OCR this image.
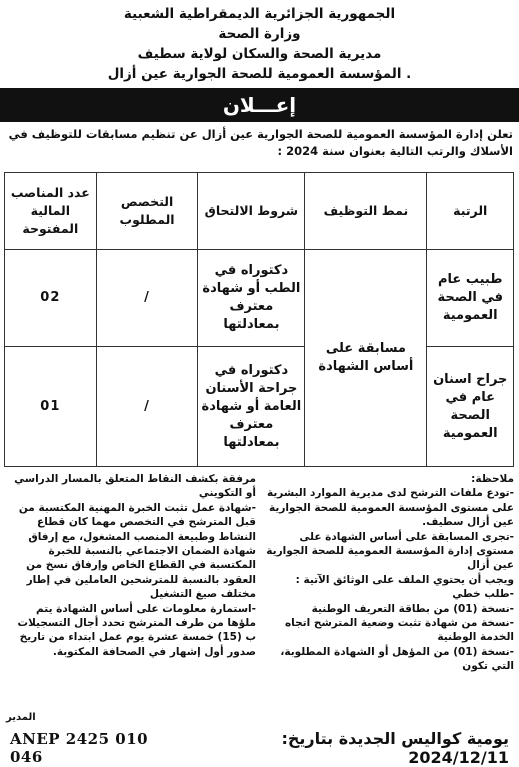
الجمهورية الجزائرية الديمقراطية الشعبية
وزارة الصحة
مديرية الصحة والسكان لولاية سطيف
المؤسسة العمومية للصحة الجوارية عين أزال .
إعـــلان
تعلن إدارة المؤسسة العمومية للصحة الجوارية عين أزال عن تنظيم مسابقات للتوظيف في الأسلاك والرتب التالية بعنوان سنة 2024 :
الرتبة	نمط التوظيف	شروط الالتحاق	التخصص المطلوب	عدد المناصب المالية المفتوحة
طبيب عام في الصحة العمومية	مسابقة على أساس الشهادة	دكتوراه في الطب أو شهادة معترف بمعادلتها	/	02
جراح اسنان عام في الصحة العمومية		دكتوراه في جراحة الأسنان العامة أو شهادة معترف بمعادلتها	/	01
ملاحظة:
-تودع ملفات الترشح لدى مديرية الموارد البشرية على مستوى المؤسسة العمومية للصحة الجوارية عين أزال سطيف.
-تجرى المسابقة على أساس الشهادة على مستوى إدارة المؤسسة العمومية للصحة الجوارية عين أزال
ويجب أن يحتوي الملف على الوثائق الآتية :
-طلب خطي
-نسخة (01) من بطاقة التعريف الوطنية
-نسخة من شهادة تثبت وضعية المترشح اتجاه الخدمة الوطنية
-نسخة (01) من المؤهل أو الشهادة المطلوبة، التي تكون
مرفقة بكشف النقاط المتعلق بالمسار الدراسي أو التكويني
-شهادة عمل تثبت الخبرة المهنية المكتسبة من قبل المترشح في التخصص مهما كان قطاع النشاط وطبيعة المنصب المشغول، مع إرفاق شهادة الضمان الاجتماعي بالنسبة للخبرة المكتسبة في القطاع الخاص وإرفاق نسخ من العقود بالنسبة للمترشحين العاملين في إطار مختلف صيغ التشغيل
-استمارة معلومات على أساس الشهادة يتم ملؤها من طرف المترشح تحدد أجال التسجيلات ب (15) خمسة عشرة يوم عمل ابتداء من تاريخ صدور أول إشهار في الصحافة المكتوبة.
المدير
ANEP 2425 010 046
يومية كواليس الجديدة بتاريخ: 2024/12/11
